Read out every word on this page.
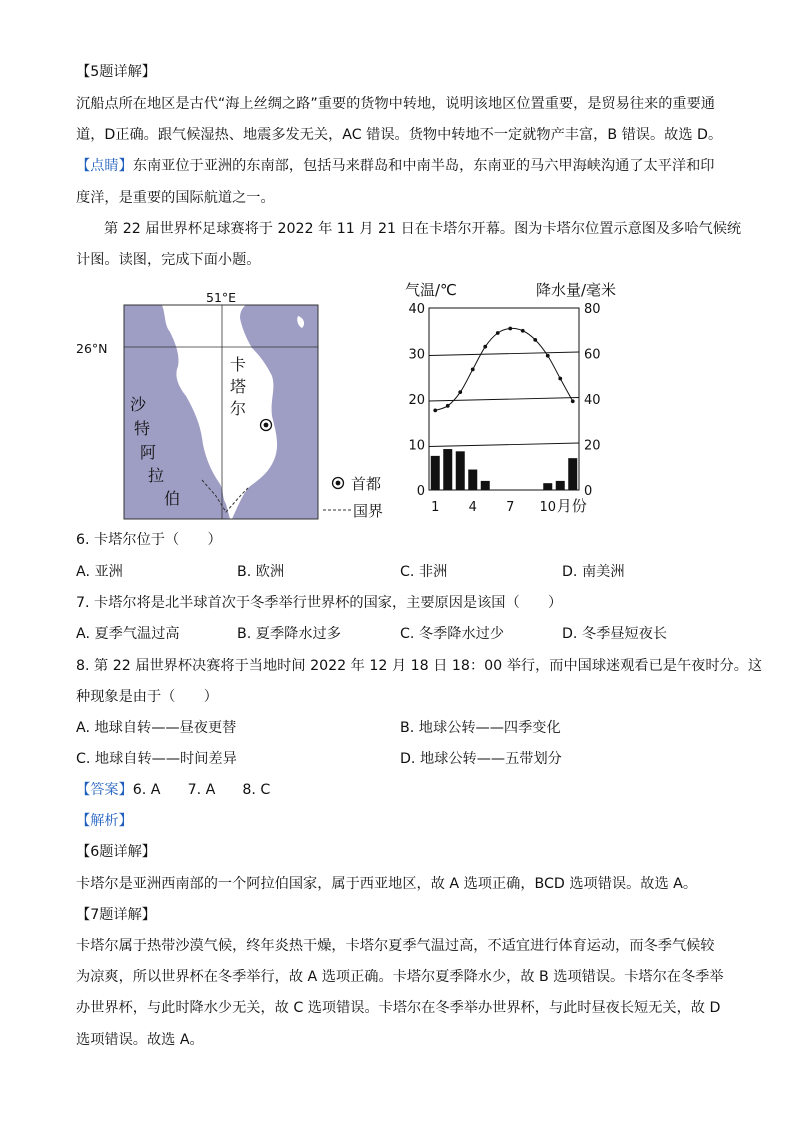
【5题详解】
沉船点所在地区是古代“海上丝绸之路”重要的货物中转地，说明该地区位置重要，是贸易往来的重要通
道，D正确。跟气候湿热、地震多发无关，AC 错误。货物中转地不一定就物产丰富，B 错误。故选 D。
【点睛】东南亚位于亚洲的东南部，包括马来群岛和中南半岛，东南亚的马六甲海峡沟通了太平洋和印
度洋，是重要的国际航道之一。
第 22 届世界杯足球赛将于 2022 年 11 月 21 日在卡塔尔开幕。图为卡塔尔位置示意图及多哈气候统
计图。读图，完成下面小题。
51°E
26°N
沙
特
阿
拉
伯
卡
塔
尔
首都
国界
气温/℃	降水量/毫米
0
10
20
30
40
0
20
40
60
80
1 4 7 10 月份
6. 卡塔尔位于（　　）
A. 亚洲	B. 欧洲	C. 非洲	D. 南美洲
7. 卡塔尔将是北半球首次于冬季举行世界杯的国家，主要原因是该国（　　）
A. 夏季气温过高	B. 夏季降水过多	C. 冬季降水过少	D. 冬季昼短夜长
8. 第 22 届世界杯决赛将于当地时间 2022 年 12 月 18 日 18：00 举行，而中国球迷观看已是午夜时分。这
种现象是由于（　　）
A. 地球自转——昼夜更替	B. 地球公转——四季变化
C. 地球自转——时间差异	D. 地球公转——五带划分
【答案】6. A      7. A      8. C
【解析】
【6题详解】
卡塔尔是亚洲西南部的一个阿拉伯国家，属于西亚地区，故 A 选项正确，BCD 选项错误。故选 A。
【7题详解】
卡塔尔属于热带沙漠气候，终年炎热干燥，卡塔尔夏季气温过高，不适宜进行体育运动，而冬季气候较
为凉爽，所以世界杯在冬季举行，故 A 选项正确。卡塔尔夏季降水少，故 B 选项错误。卡塔尔在冬季举
办世界杯，与此时降水少无关，故 C 选项错误。卡塔尔在冬季举办世界杯，与此时昼夜长短无关，故 D
选项错误。故选 A。
